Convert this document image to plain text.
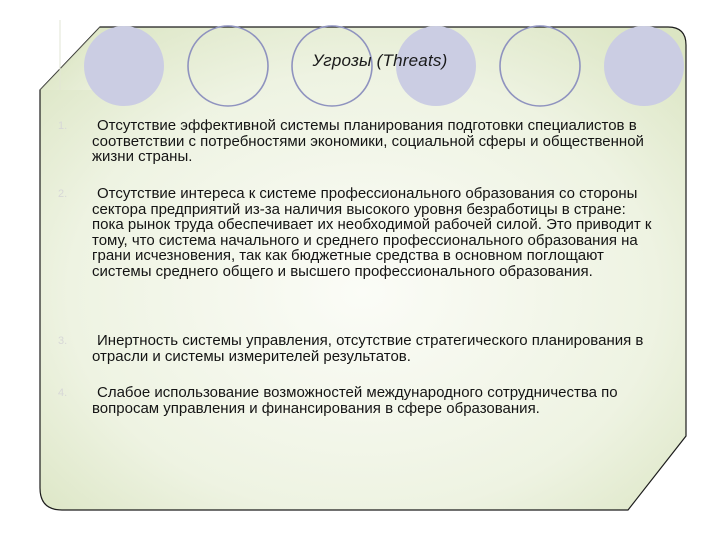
Угрозы (Threats)
1.	Отсутствие эффективной системы планирования подготовки специалистов в соответствии с потребностями экономики, социальной сферы и общественной жизни страны.
2.	Отсутствие интереса к системе профессионального образования со стороны сектора предприятий из-за наличия высокого уровня безработицы в стране: пока рынок труда обеспечивает их необходимой рабочей силой. Это приводит к тому, что система начального и среднего профессионального образования на грани исчезновения, так как бюджетные средства в основном поглощают системы среднего общего и высшего профессионального образования.
3.	Инертность системы управления, отсутствие стратегического планирования в отрасли и системы измерителей результатов.
4.	Слабое использование возможностей международного сотрудничества по вопросам управления и финансирования в сфере образования.
